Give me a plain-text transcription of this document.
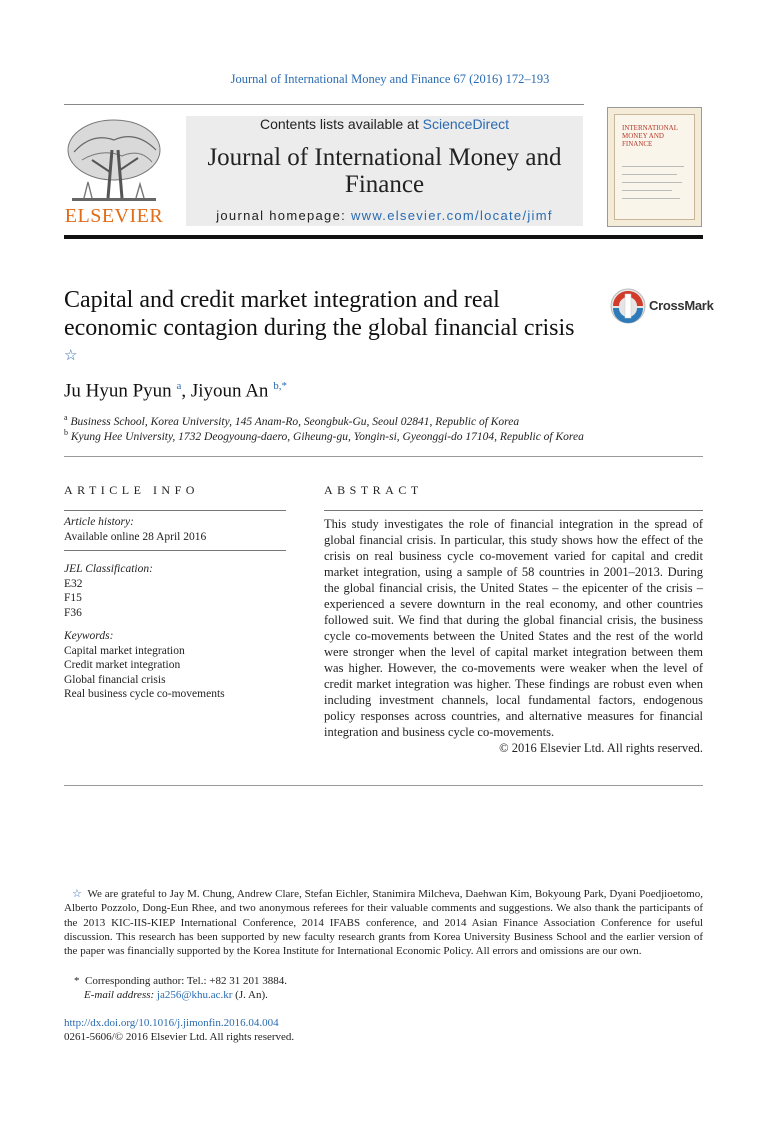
Journal of International Money and Finance 67 (2016) 172–193
ELSEVIER
Contents lists available at ScienceDirect
Journal of International Money and Finance
journal homepage: www.elsevier.com/locate/jimf
INTERNATIONAL MONEY AND FINANCE
Capital and credit market integration and real economic contagion during the global financial crisis ☆
CrossMark
Ju Hyun Pyun $^a$, Jiyoun An $^{b,*}$
$^a$ Business School, Korea University, 145 Anam-Ro, Seongbuk-Gu, Seoul 02841, Republic of Korea
$^b$ Kyung Hee University, 1732 Deogyoung-daero, Giheung-gu, Yongin-si, Gyeonggi-do 17104, Republic of Korea
ARTICLE INFO	ABSTRACT
Article history:
Available online 28 April 2016
JEL Classification:
E32
F15
F36
Keywords:
Capital market integration
Credit market integration
Global financial crisis
Real business cycle co-movements
This study investigates the role of financial integration in the spread of global financial crisis. In particular, this study shows how the effect of the crisis on real business cycle co-movement varied for capital and credit market integration, using a sample of 58 countries in 2001–2013. During the global financial crisis, the United States – the epicenter of the crisis – experienced a severe downturn in the real economy, and other countries followed suit. We find that during the global financial crisis, the business cycle co-movements between the United States and the rest of the world were stronger when the level of capital market integration between them was higher. However, the co-movements were weaker when the level of credit market integration was higher. These findings are robust even when including investment channels, local fundamental factors, endogenous policy responses across countries, and alternative measures for financial integration and business cycle co-movements.
© 2016 Elsevier Ltd. All rights reserved.
☆ We are grateful to Jay M. Chung, Andrew Clare, Stefan Eichler, Stanimira Milcheva, Daehwan Kim, Bokyoung Park, Dyani Poedjioetomo, Alberto Pozzolo, Dong-Eun Rhee, and two anonymous referees for their valuable comments and suggestions. We also thank the participants of the 2013 KIC-IIS-KIEP International Conference, 2014 IFABS conference, and 2014 Asian Finance Association Conference for useful discussion. This research has been supported by new faculty research grants from Korea University Business School and the earlier version of the paper was financially supported by the Korea Institute for International Economic Policy. All errors and omissions are our own.
* Corresponding author: Tel.: +82 31 201 3884.
E-mail address: ja256@khu.ac.kr (J. An).
http://dx.doi.org/10.1016/j.jimonfin.2016.04.004
0261-5606/© 2016 Elsevier Ltd. All rights reserved.
